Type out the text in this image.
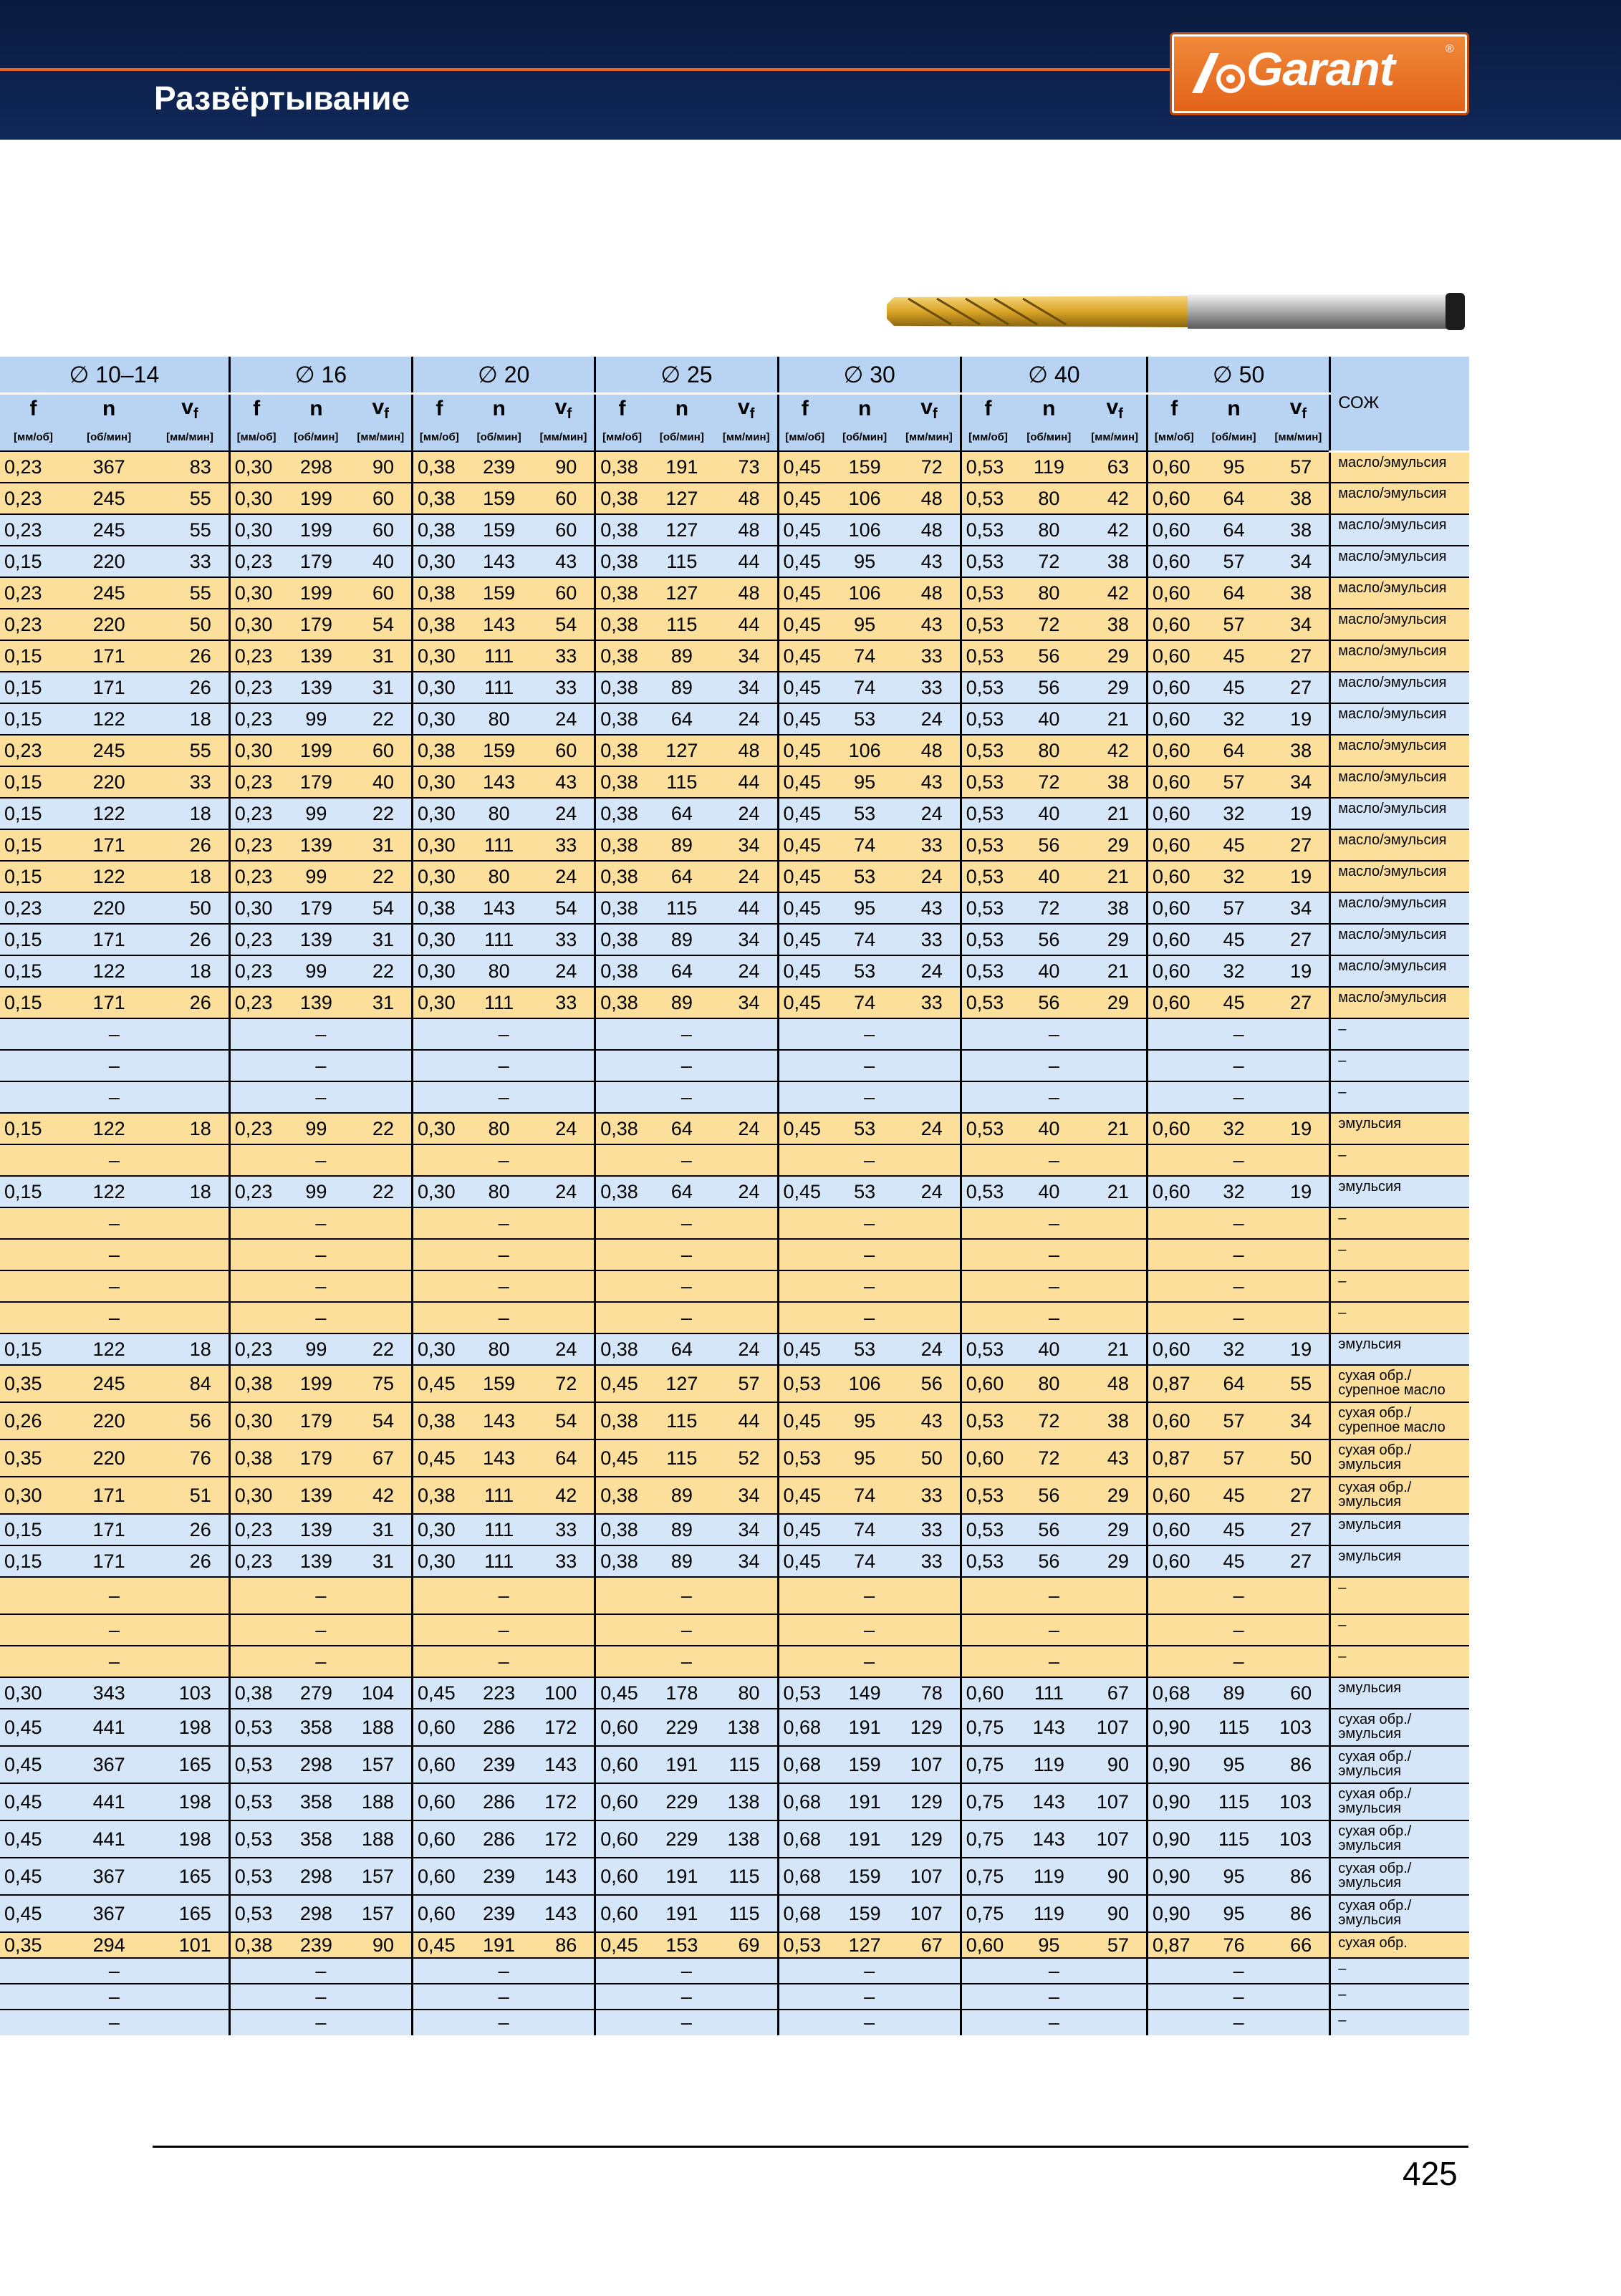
Развёртывание
Garant	®
∅ 10–14			∅ 16			∅ 20			∅ 25			∅ 30			∅ 40			∅ 50			СОЖ
f	n	$v_f$	f	n	$v_f$	f	n	$v_f$	f	n	$v_f$	f	n	$v_f$	f	n	$v_f$	f	n	$v_f$
[мм/об]	[об/мин]	[мм/мин]	[мм/об]	[об/мин]	[мм/мин]	[мм/об]	[об/мин]	[мм/мин]	[мм/об]	[об/мин]	[мм/мин]	[мм/об]	[об/мин]	[мм/мин]	[мм/об]	[об/мин]	[мм/мин]	[мм/об]	[об/мин]	[мм/мин]	
0,23	367	83	0,30	298	90	0,38	239	90	0,38	191	73	0,45	159	72	0,53	119	63	0,60	95	57	масло/эмульсия
0,23	245	55	0,30	199	60	0,38	159	60	0,38	127	48	0,45	106	48	0,53	80	42	0,60	64	38	масло/эмульсия
0,23	245	55	0,30	199	60	0,38	159	60	0,38	127	48	0,45	106	48	0,53	80	42	0,60	64	38	масло/эмульсия
0,15	220	33	0,23	179	40	0,30	143	43	0,38	115	44	0,45	95	43	0,53	72	38	0,60	57	34	масло/эмульсия
0,23	245	55	0,30	199	60	0,38	159	60	0,38	127	48	0,45	106	48	0,53	80	42	0,60	64	38	масло/эмульсия
0,23	220	50	0,30	179	54	0,38	143	54	0,38	115	44	0,45	95	43	0,53	72	38	0,60	57	34	масло/эмульсия
0,15	171	26	0,23	139	31	0,30	111	33	0,38	89	34	0,45	74	33	0,53	56	29	0,60	45	27	масло/эмульсия
0,15	171	26	0,23	139	31	0,30	111	33	0,38	89	34	0,45	74	33	0,53	56	29	0,60	45	27	масло/эмульсия
0,15	122	18	0,23	99	22	0,30	80	24	0,38	64	24	0,45	53	24	0,53	40	21	0,60	32	19	масло/эмульсия
0,23	245	55	0,30	199	60	0,38	159	60	0,38	127	48	0,45	106	48	0,53	80	42	0,60	64	38	масло/эмульсия
0,15	220	33	0,23	179	40	0,30	143	43	0,38	115	44	0,45	95	43	0,53	72	38	0,60	57	34	масло/эмульсия
0,15	122	18	0,23	99	22	0,30	80	24	0,38	64	24	0,45	53	24	0,53	40	21	0,60	32	19	масло/эмульсия
0,15	171	26	0,23	139	31	0,30	111	33	0,38	89	34	0,45	74	33	0,53	56	29	0,60	45	27	масло/эмульсия
0,15	122	18	0,23	99	22	0,30	80	24	0,38	64	24	0,45	53	24	0,53	40	21	0,60	32	19	масло/эмульсия
0,23	220	50	0,30	179	54	0,38	143	54	0,38	115	44	0,45	95	43	0,53	72	38	0,60	57	34	масло/эмульсия
0,15	171	26	0,23	139	31	0,30	111	33	0,38	89	34	0,45	74	33	0,53	56	29	0,60	45	27	масло/эмульсия
0,15	122	18	0,23	99	22	0,30	80	24	0,38	64	24	0,45	53	24	0,53	40	21	0,60	32	19	масло/эмульсия
0,15	171	26	0,23	139	31	0,30	111	33	0,38	89	34	0,45	74	33	0,53	56	29	0,60	45	27	масло/эмульсия
–			–			–			–			–			–			–			–
–			–			–			–			–			–			–			–
–			–			–			–			–			–			–			–
0,15	122	18	0,23	99	22	0,30	80	24	0,38	64	24	0,45	53	24	0,53	40	21	0,60	32	19	эмульсия
–			–			–			–			–			–			–			–
0,15	122	18	0,23	99	22	0,30	80	24	0,38	64	24	0,45	53	24	0,53	40	21	0,60	32	19	эмульсия
–			–			–			–			–			–			–			–
–			–			–			–			–			–			–			–
–			–			–			–			–			–			–			–
–			–			–			–			–			–			–			–
0,15	122	18	0,23	99	22	0,30	80	24	0,38	64	24	0,45	53	24	0,53	40	21	0,60	32	19	эмульсия
0,35	245	84	0,38	199	75	0,45	159	72	0,45	127	57	0,53	106	56	0,60	80	48	0,87	64	55	сухая обр./ сурепное масло
0,26	220	56	0,30	179	54	0,38	143	54	0,38	115	44	0,45	95	43	0,53	72	38	0,60	57	34	сухая обр./ сурепное масло
0,35	220	76	0,38	179	67	0,45	143	64	0,45	115	52	0,53	95	50	0,60	72	43	0,87	57	50	сухая обр./ эмульсия
0,30	171	51	0,30	139	42	0,38	111	42	0,38	89	34	0,45	74	33	0,53	56	29	0,60	45	27	сухая обр./ эмульсия
0,15	171	26	0,23	139	31	0,30	111	33	0,38	89	34	0,45	74	33	0,53	56	29	0,60	45	27	эмульсия
0,15	171	26	0,23	139	31	0,30	111	33	0,38	89	34	0,45	74	33	0,53	56	29	0,60	45	27	эмульсия
–			–			–			–			–			–			–			–
–			–			–			–			–			–			–			–
–			–			–			–			–			–			–			–
0,30	343	103	0,38	279	104	0,45	223	100	0,45	178	80	0,53	149	78	0,60	111	67	0,68	89	60	эмульсия
0,45	441	198	0,53	358	188	0,60	286	172	0,60	229	138	0,68	191	129	0,75	143	107	0,90	115	103	сухая обр./ эмульсия
0,45	367	165	0,53	298	157	0,60	239	143	0,60	191	115	0,68	159	107	0,75	119	90	0,90	95	86	сухая обр./ эмульсия
0,45	441	198	0,53	358	188	0,60	286	172	0,60	229	138	0,68	191	129	0,75	143	107	0,90	115	103	сухая обр./ эмульсия
0,45	441	198	0,53	358	188	0,60	286	172	0,60	229	138	0,68	191	129	0,75	143	107	0,90	115	103	сухая обр./ эмульсия
0,45	367	165	0,53	298	157	0,60	239	143	0,60	191	115	0,68	159	107	0,75	119	90	0,90	95	86	сухая обр./ эмульсия
0,45	367	165	0,53	298	157	0,60	239	143	0,60	191	115	0,68	159	107	0,75	119	90	0,90	95	86	сухая обр./ эмульсия
0,35	294	101	0,38	239	90	0,45	191	86	0,45	153	69	0,53	127	67	0,60	95	57	0,87	76	66	сухая обр.
–			–			–			–			–			–			–			–
–			–			–			–			–			–			–			–
–			–			–			–			–			–			–			–
425
